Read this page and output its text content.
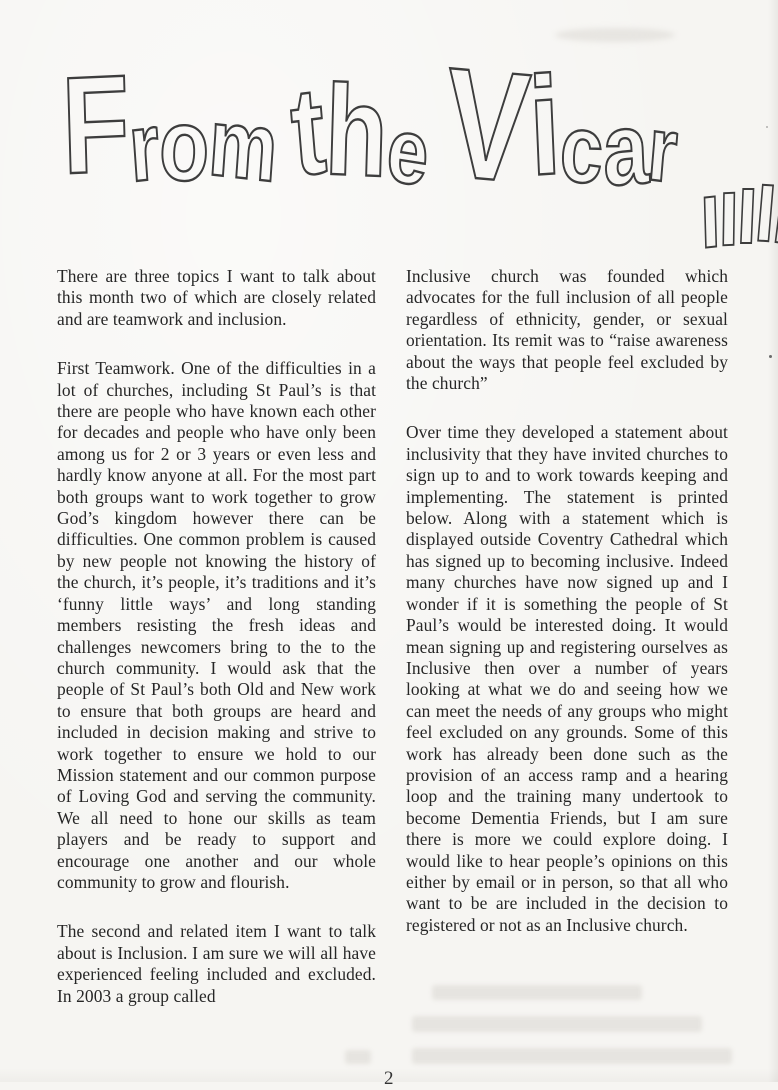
F
r
o
m t
h
e V
i
c
a
r

There are three topics I want to talk about this month two of which are closely related and are teamwork and inclusion.

First Teamwork. One of the difficulties in a lot of churches, including St Paul’s is that there are people who have known each other for decades and people who have only been among us for 2 or 3 years or even less and hardly know anyone at all. For the most part both groups want to work together to grow God’s kingdom however there can be difficulties. One common problem is caused by new people not knowing the history of the church, it’s people, it’s traditions and it’s ‘funny little ways’ and long standing members resisting the fresh ideas and challenges newcomers bring to the to the church community. I would ask that the people of St Paul’s both Old and New work to ensure that both groups are heard and included in decision making and strive to work together to ensure we hold to our Mission statement and our common purpose of Loving God and serving the community. We all need to hone our skills as team players and be ready to support and encourage one another and our whole community to grow and flourish.

The second and related item I want to talk about is Inclusion. I am sure we will all have experienced feeling included and excluded. In 2003 a group called

Inclusive church was founded which advocates for the full inclusion of all people regardless of ethnicity, gender, or sexual orientation. Its remit was to “raise awareness about the ways that people feel excluded by the church”

Over time they developed a statement about inclusivity that they have invited churches to sign up to and to work towards keeping and implementing. The statement is printed below. Along with a statement which is displayed outside Coventry Cathedral which has signed up to becoming inclusive. Indeed many churches have now signed up and I wonder if it is something the people of St Paul’s would be interested doing. It would mean signing up and registering ourselves as Inclusive then over a number of years looking at what we do and seeing how we can meet the needs of any groups who might feel excluded on any grounds. Some of this work has already been done such as the provision of an access ramp and a hearing loop and the training many undertook to become Dementia Friends, but I am sure there is more we could explore doing. I would like to hear people’s opinions on this either by email or in person, so that all who want to be are included in the decision to registered or not as an Inclusive church.

2
